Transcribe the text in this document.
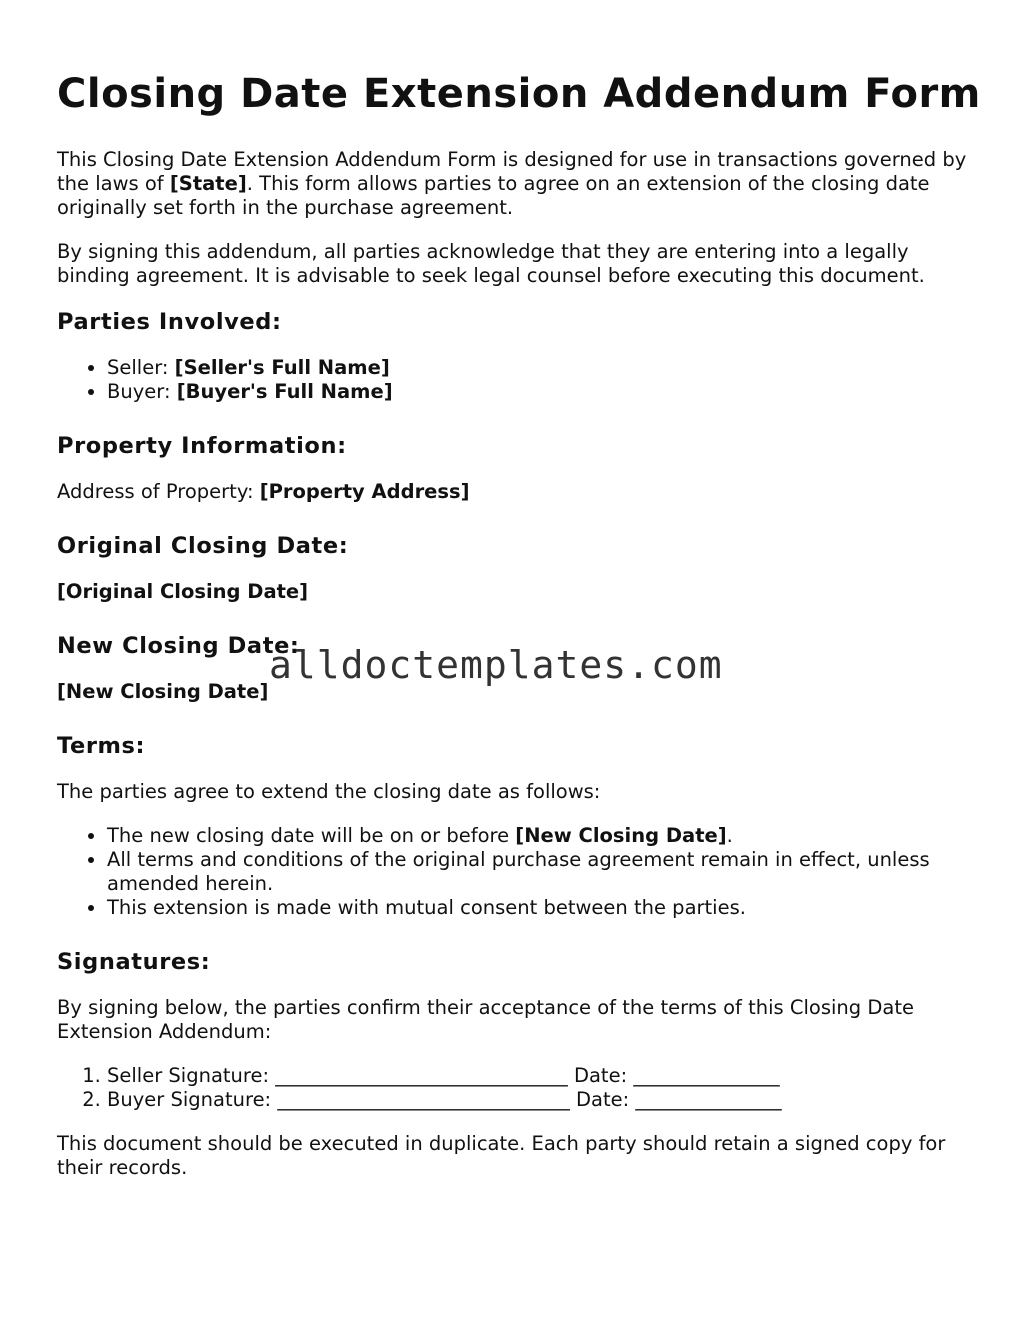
Closing Date Extension Addendum Form

This Closing Date Extension Addendum Form is designed for use in transactions governed by the laws of [State]. This form allows parties to agree on an extension of the closing date originally set forth in the purchase agreement.

By signing this addendum, all parties acknowledge that they are entering into a legally binding agreement. It is advisable to seek legal counsel before executing this document.

Parties Involved:
• Seller: [Seller's Full Name]
• Buyer: [Buyer's Full Name]
Property Information:

Address of Property: [Property Address]

Original Closing Date:

[Original Closing Date]

New Closing Date:

[New Closing Date]

Terms:

The parties agree to extend the closing date as follows:

• The new closing date will be on or before [New Closing Date].
• All terms and conditions of the original purchase agreement remain in effect, unless amended herein.
• This extension is made with mutual consent between the parties.
Signatures:

By signing below, the parties confirm their acceptance of the terms of this Closing Date Extension Addendum:

1. Seller Signature: ______________________________ Date: _______________
2. Buyer Signature: ______________________________ Date: _______________

This document should be executed in duplicate. Each party should retain a signed copy for their records.

alldoctemplates.com
